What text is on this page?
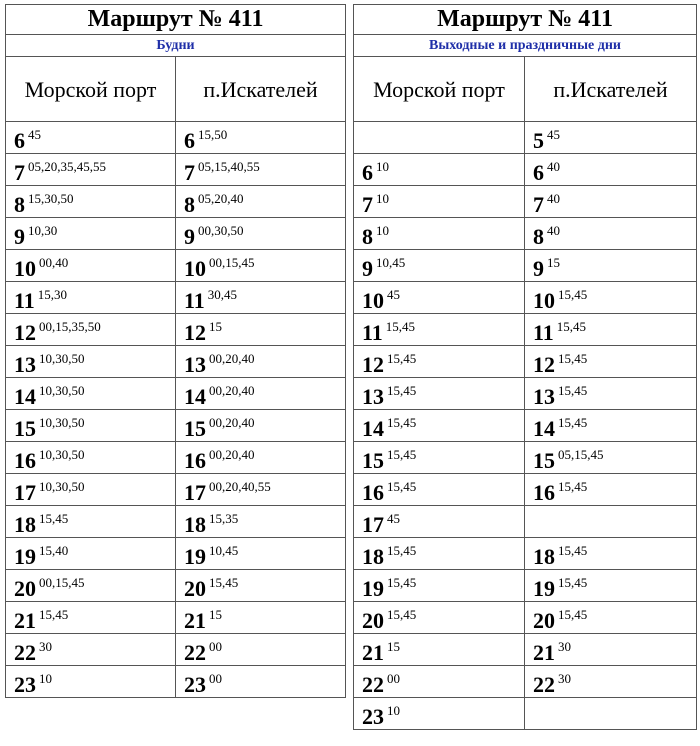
Маршрут № 411	
Будни	
Морской порт	п.Искателей
6 $^{45}$	6 $^{15,50}$
7 $^{05,20,35,45,55}$	7 $^{05,15,40,55}$
8 $^{15,30,50}$	8 $^{05,20,40}$
9 $^{10,30}$	9 $^{00,30,50}$
10 $^{00,40}$	10 $^{00,15,45}$
11 $^{15,30}$	11 $^{30,45}$
12 $^{00,15,35,50}$	12 $^{15}$
13 $^{10,30,50}$	13 $^{00,20,40}$
14 $^{10,30,50}$	14 $^{00,20,40}$
15 $^{10,30,50}$	15 $^{00,20,40}$
16 $^{10,30,50}$	16 $^{00,20,40}$
17 $^{10,30,50}$	17 $^{00,20,40,55}$
18 $^{15,45}$	18 $^{15,35}$
19 $^{15,40}$	19 $^{10,45}$
20 $^{00,15,45}$	20 $^{15,45}$
21 $^{15,45}$	21 $^{15}$
22 $^{30}$	22 $^{00}$
23 $^{10}$	23 $^{00}$
Маршрут № 411	
Выходные и праздничные дни	
Морской порт	п.Искателей
	5 $^{45}$
6 $^{10}$	6 $^{40}$
7 $^{10}$	7 $^{40}$
8 $^{10}$	8 $^{40}$
9 $^{10,45}$	9 $^{15}$
10 $^{45}$	10 $^{15,45}$
11 $^{15,45}$	11 $^{15,45}$
12 $^{15,45}$	12 $^{15,45}$
13 $^{15,45}$	13 $^{15,45}$
14 $^{15,45}$	14 $^{15,45}$
15 $^{15,45}$	15 $^{05,15,45}$
16 $^{15,45}$	16 $^{15,45}$
17 $^{45}$	
18 $^{15,45}$	18 $^{15,45}$
19 $^{15,45}$	19 $^{15,45}$
20 $^{15,45}$	20 $^{15,45}$
21 $^{15}$	21 $^{30}$
22 $^{00}$	22 $^{30}$
23 $^{10}$	
